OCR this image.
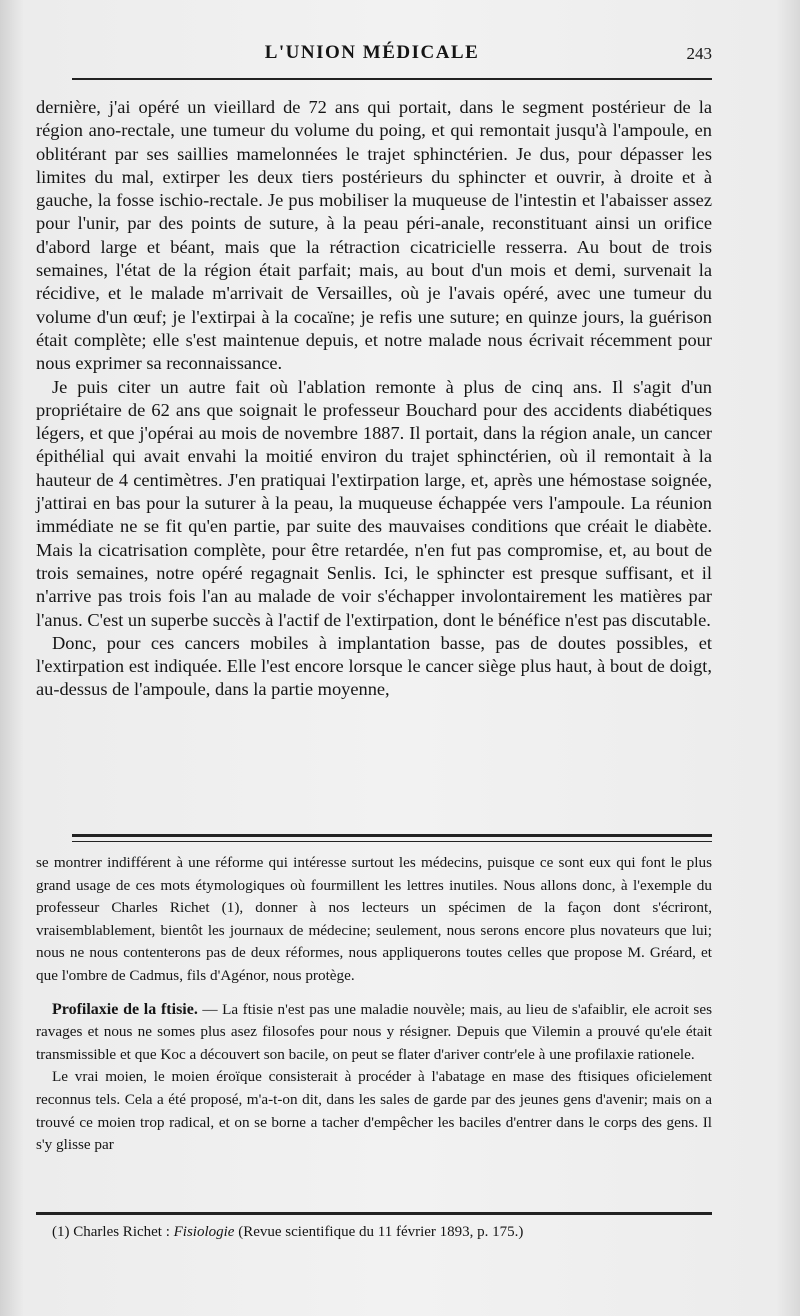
L'UNION MÉDICALE	243

dernière, j'ai opéré un vieillard de 72 ans qui portait, dans le segment postérieur de la région ano-rectale, une tumeur du volume du poing, et qui remontait jusqu'à l'ampoule, en oblitérant par ses saillies mamelonnées le trajet sphinctérien. Je dus, pour dépasser les limites du mal, extirper les deux tiers postérieurs du sphincter et ouvrir, à droite et à gauche, la fosse ischio-rectale. Je pus mobiliser la muqueuse de l'intestin et l'abaisser assez pour l'unir, par des points de suture, à la peau péri-anale, reconstituant ainsi un orifice d'abord large et béant, mais que la rétraction cicatricielle resserra. Au bout de trois semaines, l'état de la région était parfait; mais, au bout d'un mois et demi, survenait la récidive, et le malade m'arrivait de Versailles, où je l'avais opéré, avec une tumeur du volume d'un œuf; je l'extirpai à la cocaïne; je refis une suture; en quinze jours, la guérison était complète; elle s'est maintenue depuis, et notre malade nous écrivait récemment pour nous exprimer sa reconnaissance.

Je puis citer un autre fait où l'ablation remonte à plus de cinq ans. Il s'agit d'un propriétaire de 62 ans que soignait le professeur Bouchard pour des accidents diabétiques légers, et que j'opérai au mois de novembre 1887. Il portait, dans la région anale, un cancer épithélial qui avait envahi la moitié environ du trajet sphinctérien, où il remontait à la hauteur de 4 centimètres. J'en pratiquai l'extirpation large, et, après une hémostase soignée, j'attirai en bas pour la suturer à la peau, la muqueuse échappée vers l'ampoule. La réunion immédiate ne se fit qu'en partie, par suite des mauvaises conditions que créait le diabète. Mais la cicatrisation complète, pour être retardée, n'en fut pas compromise, et, au bout de trois semaines, notre opéré regagnait Senlis. Ici, le sphincter est presque suffisant, et il n'arrive pas trois fois l'an au malade de voir s'échapper involontairement les matières par l'anus. C'est un superbe succès à l'actif de l'extirpation, dont le bénéfice n'est pas discutable.

Donc, pour ces cancers mobiles à implantation basse, pas de doutes possibles, et l'extirpation est indiquée. Elle l'est encore lorsque le cancer siège plus haut, à bout de doigt, au-dessus de l'ampoule, dans la partie moyenne,

se montrer indifférent à une réforme qui intéresse surtout les médecins, puisque ce sont eux qui font le plus grand usage de ces mots étymologiques où fourmillent les lettres inutiles. Nous allons donc, à l'exemple du professeur Charles Richet (1), donner à nos lecteurs un spécimen de la façon dont s'écriront, vraisemblablement, bientôt les journaux de médecine; seulement, nous serons encore plus novateurs que lui; nous ne nous contenterons pas de deux réformes, nous appliquerons toutes celles que propose M. Gréard, et que l'ombre de Cadmus, fils d'Agénor, nous protège.

Profilaxie de la ftisie. — La ftisie n'est pas une maladie nouvèle; mais, au lieu de s'afaiblir, ele acroit ses ravages et nous ne somes plus asez filosofes pour nous y résigner. Depuis que Vilemin a prouvé qu'ele était transmissible et que Koc a découvert son bacile, on peut se flater d'ariver contr'ele à une profilaxie rationele.

Le vrai moien, le moien éroïque consisterait à procéder à l'abatage en mase des ftisiques oficielement reconnus tels. Cela a été proposé, m'a-t-on dit, dans les sales de garde par des jeunes gens d'avenir; mais on a trouvé ce moien trop radical, et on se borne a tacher d'empêcher les baciles d'entrer dans le corps des gens. Il s'y glisse par

(1) Charles Richet : Fisiologie (Revue scientifique du 11 février 1893, p. 175.)
